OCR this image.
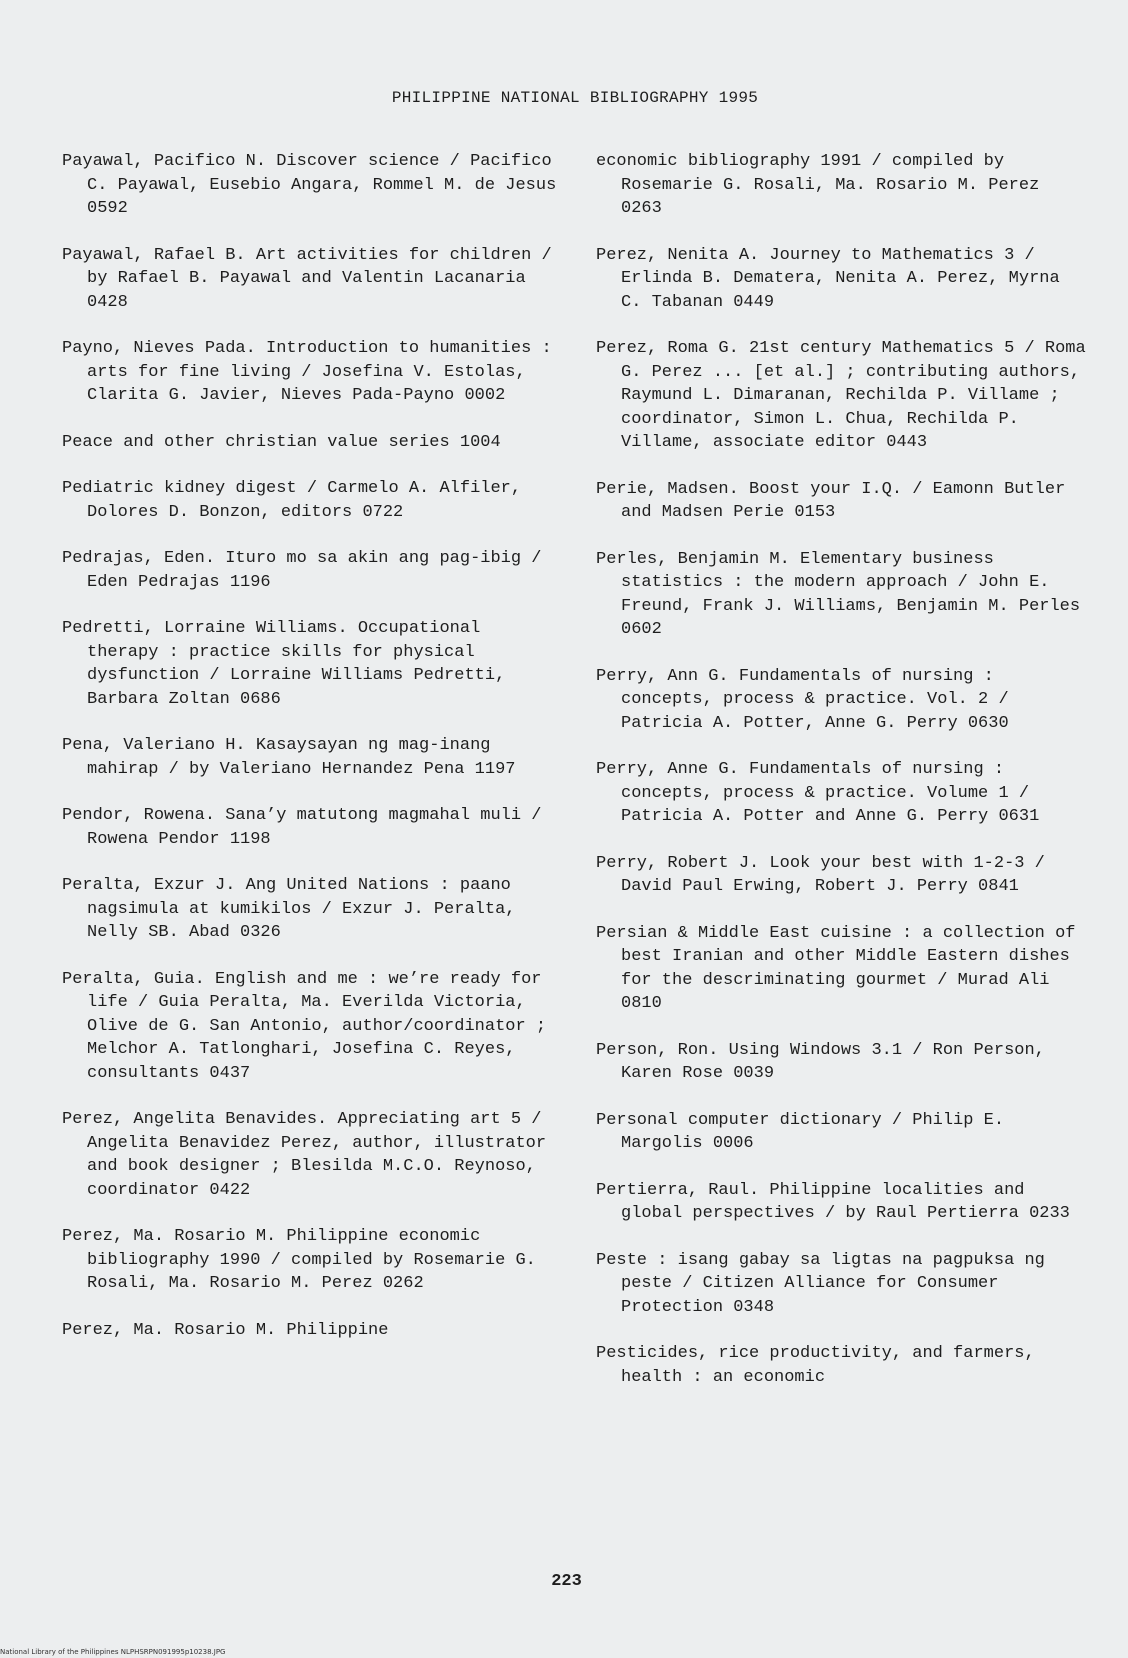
PHILIPPINE NATIONAL BIBLIOGRAPHY 1995

Payawal, Pacifico N. Discover science / Pacifico C. Payawal, Eusebio Angara, Rommel M. de Jesus 0592

Payawal, Rafael B. Art activities for children / by Rafael B. Payawal and Valentin Lacanaria 0428

Payno, Nieves Pada. Introduction to humanities : arts for fine living / Josefina V. Estolas, Clarita G. Javier, Nieves Pada-Payno 0002

Peace and other christian value series 1004

Pediatric kidney digest / Carmelo A. Alfiler, Dolores D. Bonzon, editors 0722

Pedrajas, Eden. Ituro mo sa akin ang pag-ibig / Eden Pedrajas 1196

Pedretti, Lorraine Williams. Occupational therapy : practice skills for physical dysfunction / Lorraine Williams Pedretti, Barbara Zoltan 0686

Pena, Valeriano H. Kasaysayan ng mag-inang mahirap / by Valeriano Hernandez Pena 1197

Pendor, Rowena. Sana’y matutong magmahal muli / Rowena Pendor 1198

Peralta, Exzur J. Ang United Nations : paano nagsimula at kumikilos / Exzur J. Peralta, Nelly SB. Abad 0326

Peralta, Guia. English and me : we’re ready for life / Guia Peralta, Ma. Everilda Victoria, Olive de G. San Antonio, author/coordinator ; Melchor A. Tatlonghari, Josefina C. Reyes, consultants 0437

Perez, Angelita Benavides. Appreciating art 5 / Angelita Benavidez Perez, author, illustrator and book designer ; Blesilda M.C.O. Reynoso, coordinator 0422

Perez, Ma. Rosario M. Philippine economic bibliography 1990 / compiled by Rosemarie G. Rosali, Ma. Rosario M. Perez 0262

Perez, Ma. Rosario M. Philippine

economic bibliography 1991 / compiled by Rosemarie G. Rosali, Ma. Rosario M. Perez 0263

Perez, Nenita A. Journey to Mathematics 3 / Erlinda B. Dematera, Nenita A. Perez, Myrna C. Tabanan 0449

Perez, Roma G. 21st century Mathematics 5 / Roma G. Perez ... [et al.] ; contributing authors, Raymund L. Dimaranan, Rechilda P. Villame ; coordinator, Simon L. Chua, Rechilda P. Villame, associate editor 0443

Perie, Madsen. Boost your I.Q. / Eamonn Butler and Madsen Perie 0153

Perles, Benjamin M. Elementary business statistics : the modern approach / John E. Freund, Frank J. Williams, Benjamin M. Perles 0602

Perry, Ann G. Fundamentals of nursing : concepts, process & practice. Vol. 2 / Patricia A. Potter, Anne G. Perry 0630

Perry, Anne G. Fundamentals of nursing : concepts, process & practice. Volume 1 / Patricia A. Potter and Anne G. Perry 0631

Perry, Robert J. Look your best with 1-2-3 / David Paul Erwing, Robert J. Perry 0841

Persian & Middle East cuisine : a collection of best Iranian and other Middle Eastern dishes for the descriminating gourmet / Murad Ali 0810

Person, Ron. Using Windows 3.1 / Ron Person, Karen Rose 0039

Personal computer dictionary / Philip E. Margolis 0006

Pertierra, Raul. Philippine localities and global perspectives / by Raul Pertierra 0233

Peste : isang gabay sa ligtas na pagpuksa ng peste / Citizen Alliance for Consumer Protection 0348

Pesticides, rice productivity, and farmers, health : an economic

223
National Library of the Philippines NLPHSRPN091995p10238.JPG
